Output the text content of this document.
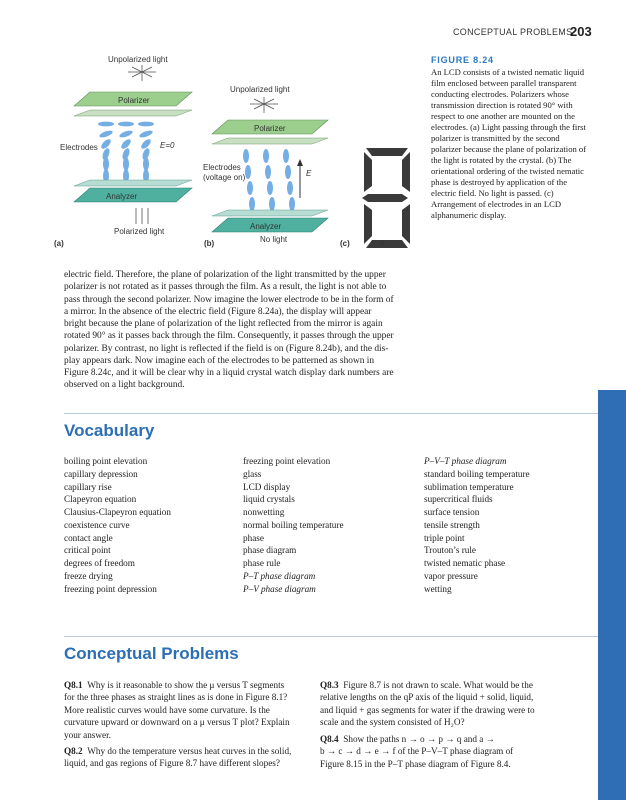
CONCEPTUAL PROBLEMS
203
Unpolarized light
Polarizer
Electrodes	E=0
Analyzer
Polarized light
(a)
Unpolarized light
Polarizer
Electrodes
(voltage on)	E
Analyzer
No light
(b)	8
(c)
FIGURE 8.24
An LCD consists of a twisted nematic liquid film enclosed between parallel transparent conducting electrodes. Polarizers whose transmission direction is rotated 90° with respect to one another are mounted on the electrodes. (a) Light passing through the first polarizer is transmitted by the second polarizer because the plane of polarization of the light is rotated by the crystal. (b) The orientational ordering of the twisted nematic phase is destroyed by application of the electric field. No light is passed. (c) Arrangement of electrodes in an LCD alphanumeric display.
electric field. Therefore, the plane of polarization of the light transmitted by the upper
polarizer is not rotated as it passes through the film. As a result, the light is not able to
pass through the second polarizer. Now imagine the lower electrode to be in the form of
a mirror. In the absence of the electric field (Figure 8.24a), the display will appear
bright because the plane of polarization of the light reflected from the mirror is again
rotated 90° as it passes back through the film. Consequently, it passes through the upper
polarizer. By contrast, no light is reflected if the field is on (Figure 8.24b), and the dis-
play appears dark. Now imagine each of the electrodes to be patterned as shown in
Figure 8.24c, and it will be clear why in a liquid crystal watch display dark numbers are
observed on a light background.
Vocabulary
boiling point elevation
capillary depression
capillary rise
Clapeyron equation
Clausius-Clapeyron equation
coexistence curve
contact angle
critical point
degrees of freedom
freeze drying
freezing point depression
freezing point elevation
glass
LCD display
liquid crystals
nonwetting
normal boiling temperature
phase
phase diagram
phase rule
P–T phase diagram
P–V phase diagram
P–V–T phase diagram
standard boiling temperature
sublimation temperature
supercritical fluids
surface tension
tensile strength
triple point
Trouton’s rule
twisted nematic phase
vapor pressure
wetting
Conceptual Problems
Q8.1 Why is it reasonable to show the μ versus T segments
for the three phases as straight lines as is done in Figure 8.1?
More realistic curves would have some curvature. Is the
curvature upward or downward on a μ versus T plot? Explain
your answer.
Q8.2 Why do the temperature versus heat curves in the solid,
liquid, and gas regions of Figure 8.7 have different slopes?
Q8.3 Figure 8.7 is not drawn to scale. What would be the
relative lengths on the qP axis of the liquid + solid, liquid,
and liquid + gas segments for water if the drawing were to
scale and the system consisted of H₂O?
Q8.4 Show the paths n → o → p → q and a →
b → c → d → e → f of the P–V–T phase diagram of
Figure 8.15 in the P–T phase diagram of Figure 8.4.
